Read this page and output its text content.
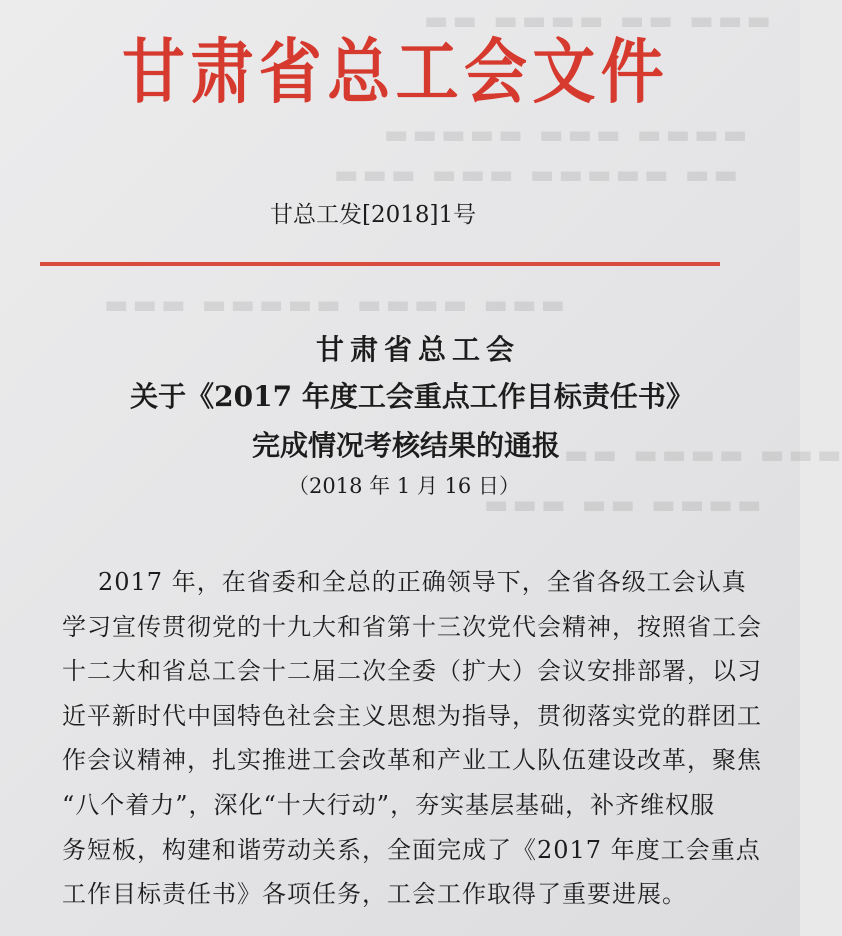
▬▬▬ ▬▬ ▬▬▬▬ ▬▬
▬▬▬▬ ▬▬▬ ▬▬▬▬▬
▬▬ ▬▬▬▬▬ ▬▬▬ ▬▬▬
▬▬▬ ▬▬▬▬ ▬▬▬▬▬ ▬▬▬
▬▬▬ ▬▬▬▬ ▬▬
▬▬▬▬ ▬▬ ▬▬▬
甘肃省总工会文件
甘总工发[2018]1号
甘肃省总工会
关于《2017 年度工会重点工作目标责任书》
完成情况考核结果的通报
（2018 年 1 月 16 日）
2017 年，在省委和全总的正确领导下，全省各级工会认真
学习宣传贯彻党的十九大和省第十三次党代会精神，按照省工会
十二大和省总工会十二届二次全委（扩大）会议安排部署，以习
近平新时代中国特色社会主义思想为指导，贯彻落实党的群团工
作会议精神，扎实推进工会改革和产业工人队伍建设改革，聚焦
“八个着力”，深化“十大行动”，夯实基层基础，补齐维权服
务短板，构建和谐劳动关系，全面完成了《2017 年度工会重点
工作目标责任书》各项任务，工会工作取得了重要进展。
